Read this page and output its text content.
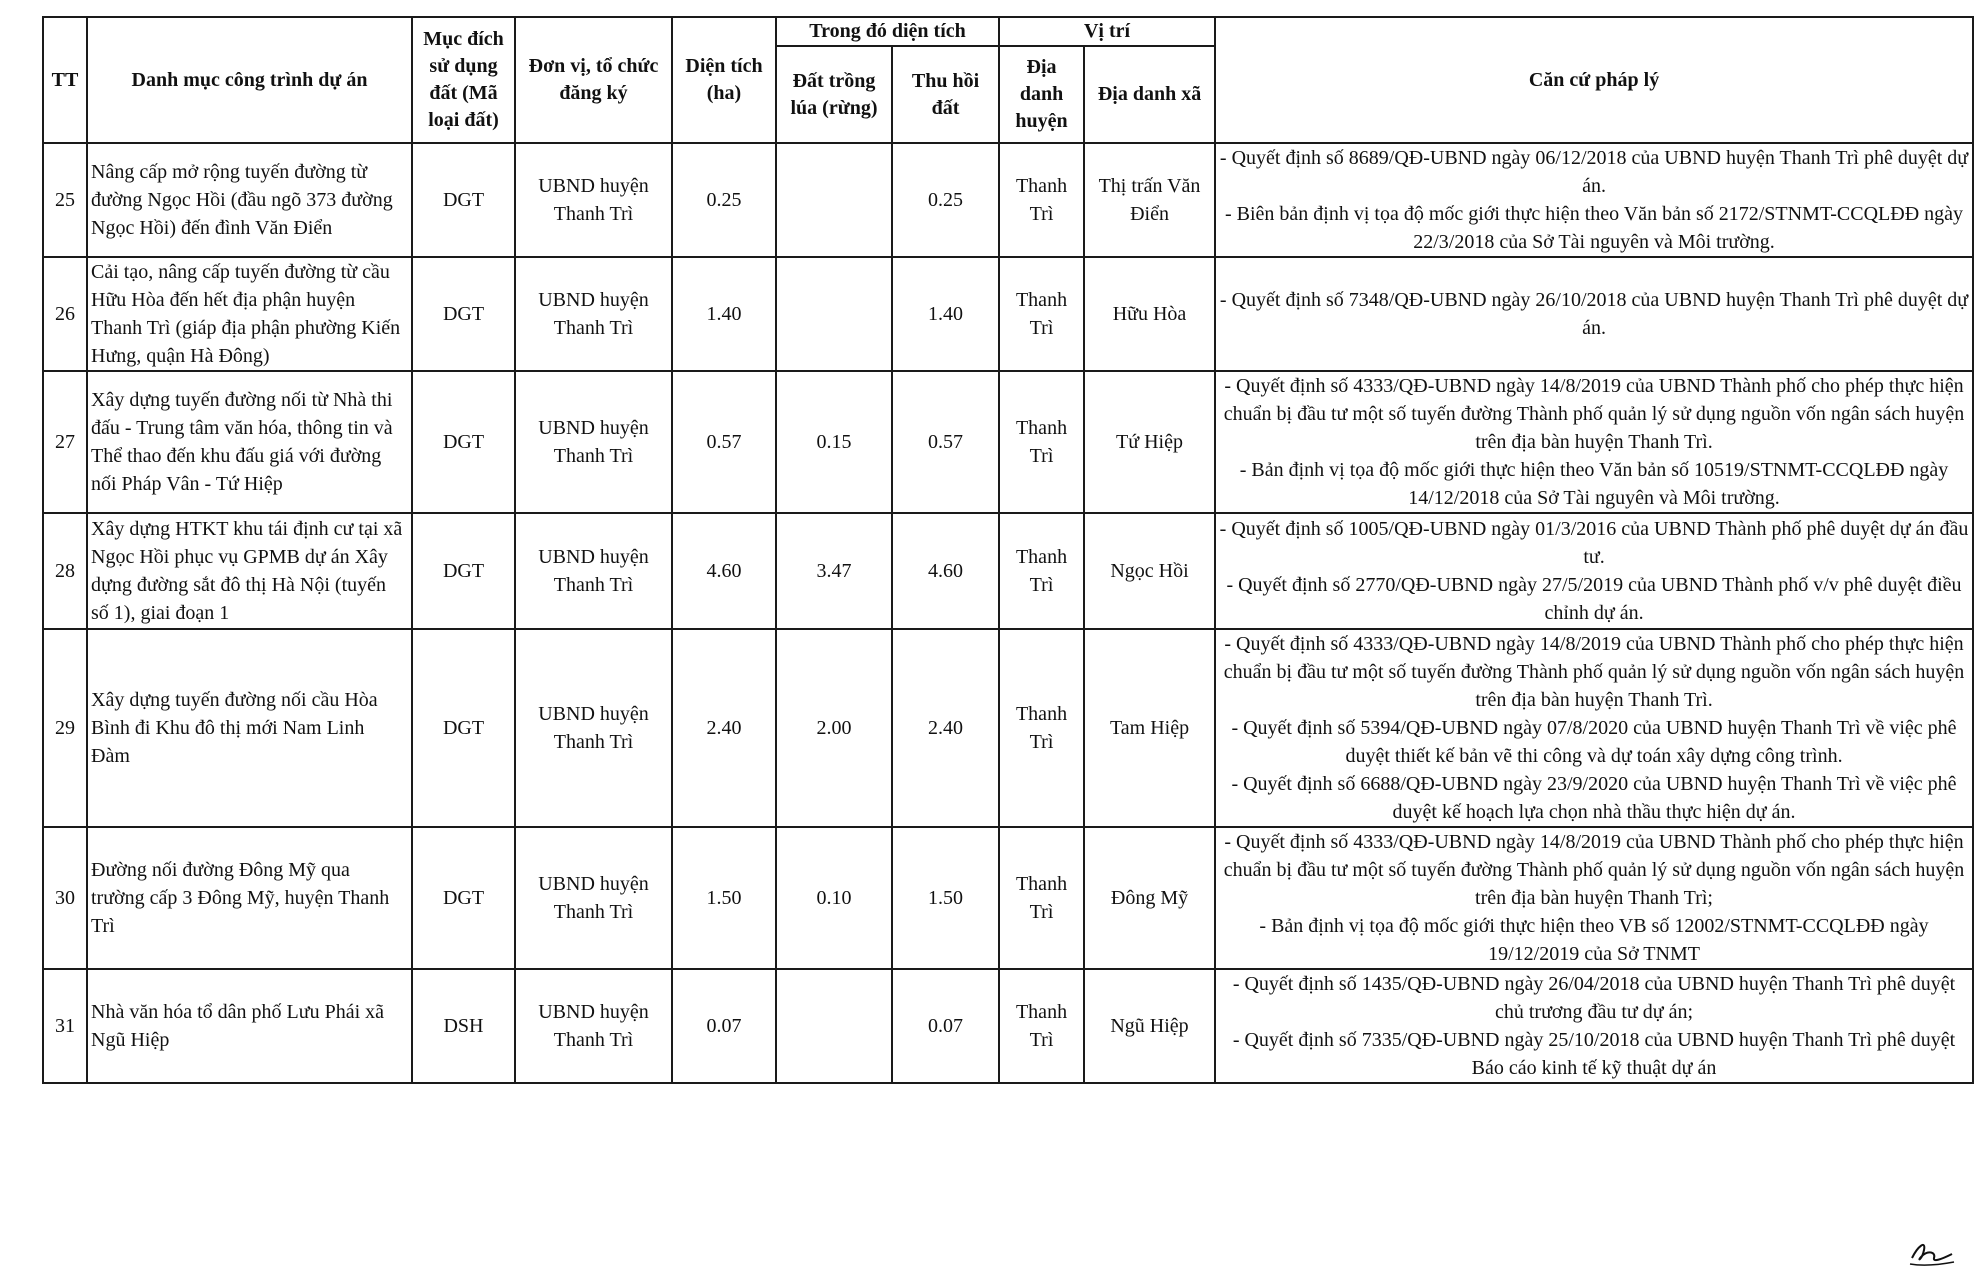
TT	Danh mục công trình dự án	Mục đích sử dụng đất (Mã loại đất)	Đơn vị, tổ chức đăng ký	Diện tích (ha)	Trong đó diện tích		Vị trí		Căn cứ pháp lý
					Đất trồng lúa (rừng)	Thu hồi đất	Địa danh huyện	Địa danh xã	
25	Nâng cấp mở rộng tuyến đường từ đường Ngọc Hồi (đầu ngõ 373 đường Ngọc Hồi) đến đình Văn Điển	DGT	UBND huyện Thanh Trì	0.25		0.25	Thanh Trì	Thị trấn Văn Điển	- Quyết định số 8689/QĐ-UBND ngày 06/12/2018 của UBND huyện Thanh Trì phê duyệt dự án.
- Biên bản định vị tọa độ mốc giới thực hiện theo Văn bản số 2172/STNMT-CCQLĐĐ ngày 22/3/2018 của Sở Tài nguyên và Môi trường.

26	Cải tạo, nâng cấp tuyến đường từ cầu Hữu Hòa đến hết địa phận huyện Thanh Trì (giáp địa phận phường Kiến Hưng, quận Hà Đông)	DGT	UBND huyện Thanh Trì	1.40		1.40	Thanh Trì	Hữu Hòa	- Quyết định số 7348/QĐ-UBND ngày 26/10/2018 của UBND huyện Thanh Trì phê duyệt dự án.

27	Xây dựng tuyến đường nối từ Nhà thi đấu - Trung tâm văn hóa, thông tin và Thể thao đến khu đấu giá với đường nối Pháp Vân - Tứ Hiệp	DGT	UBND huyện Thanh Trì	0.57	0.15	0.57	Thanh Trì	Tứ Hiệp	- Quyết định số 4333/QĐ-UBND ngày 14/8/2019 của UBND Thành phố cho phép thực hiện chuẩn bị đầu tư một số tuyến đường Thành phố quản lý sử dụng nguồn vốn ngân sách huyện trên địa bàn huyện Thanh Trì.
- Bản định vị tọa độ mốc giới thực hiện theo Văn bản số 10519/STNMT-CCQLĐĐ ngày 14/12/2018 của Sở Tài nguyên và Môi trường.

28	Xây dựng HTKT khu tái định cư tại xã Ngọc Hồi phục vụ GPMB dự án Xây dựng đường sắt đô thị Hà Nội (tuyến số 1), giai đoạn 1	DGT	UBND huyện Thanh Trì	4.60	3.47	4.60	Thanh Trì	Ngọc Hồi	- Quyết định số 1005/QĐ-UBND ngày 01/3/2016 của UBND Thành phố phê duyệt dự án đầu tư.
- Quyết định số 2770/QĐ-UBND ngày 27/5/2019 của UBND Thành phố v/v phê duyệt điều chỉnh dự án.

29	Xây dựng tuyến đường nối cầu Hòa Bình đi Khu đô thị mới Nam Linh Đàm	DGT	UBND huyện Thanh Trì	2.40	2.00	2.40	Thanh Trì	Tam Hiệp	- Quyết định số 4333/QĐ-UBND ngày 14/8/2019 của UBND Thành phố cho phép thực hiện chuẩn bị đầu tư một số tuyến đường Thành phố quản lý sử dụng nguồn vốn ngân sách huyện trên địa bàn huyện Thanh Trì.
- Quyết định số 5394/QĐ-UBND ngày 07/8/2020 của UBND huyện Thanh Trì về việc phê duyệt thiết kế bản vẽ thi công và dự toán xây dựng công trình.
- Quyết định số 6688/QĐ-UBND ngày 23/9/2020 của UBND huyện Thanh Trì về việc phê duyệt kế hoạch lựa chọn nhà thầu thực hiện dự án.

30	Đường nối đường Đông Mỹ qua trường cấp 3 Đông Mỹ, huyện Thanh Trì	DGT	UBND huyện Thanh Trì	1.50	0.10	1.50	Thanh Trì	Đông Mỹ	- Quyết định số 4333/QĐ-UBND ngày 14/8/2019 của UBND Thành phố cho phép thực hiện chuẩn bị đầu tư một số tuyến đường Thành phố quản lý sử dụng nguồn vốn ngân sách huyện trên địa bàn huyện Thanh Trì;
- Bản định vị tọa độ mốc giới thực hiện theo VB số 12002/STNMT-CCQLĐĐ ngày 19/12/2019 của Sở TNMT

31	Nhà văn hóa tổ dân phố Lưu Phái xã Ngũ Hiệp	DSH	UBND huyện Thanh Trì	0.07		0.07	Thanh Trì	Ngũ Hiệp	- Quyết định số 1435/QĐ-UBND ngày 26/04/2018 của UBND huyện Thanh Trì phê duyệt chủ trương đầu tư dự án;
- Quyết định số 7335/QĐ-UBND ngày 25/10/2018 của UBND huyện Thanh Trì phê duyệt Báo cáo kinh tế kỹ thuật dự án
